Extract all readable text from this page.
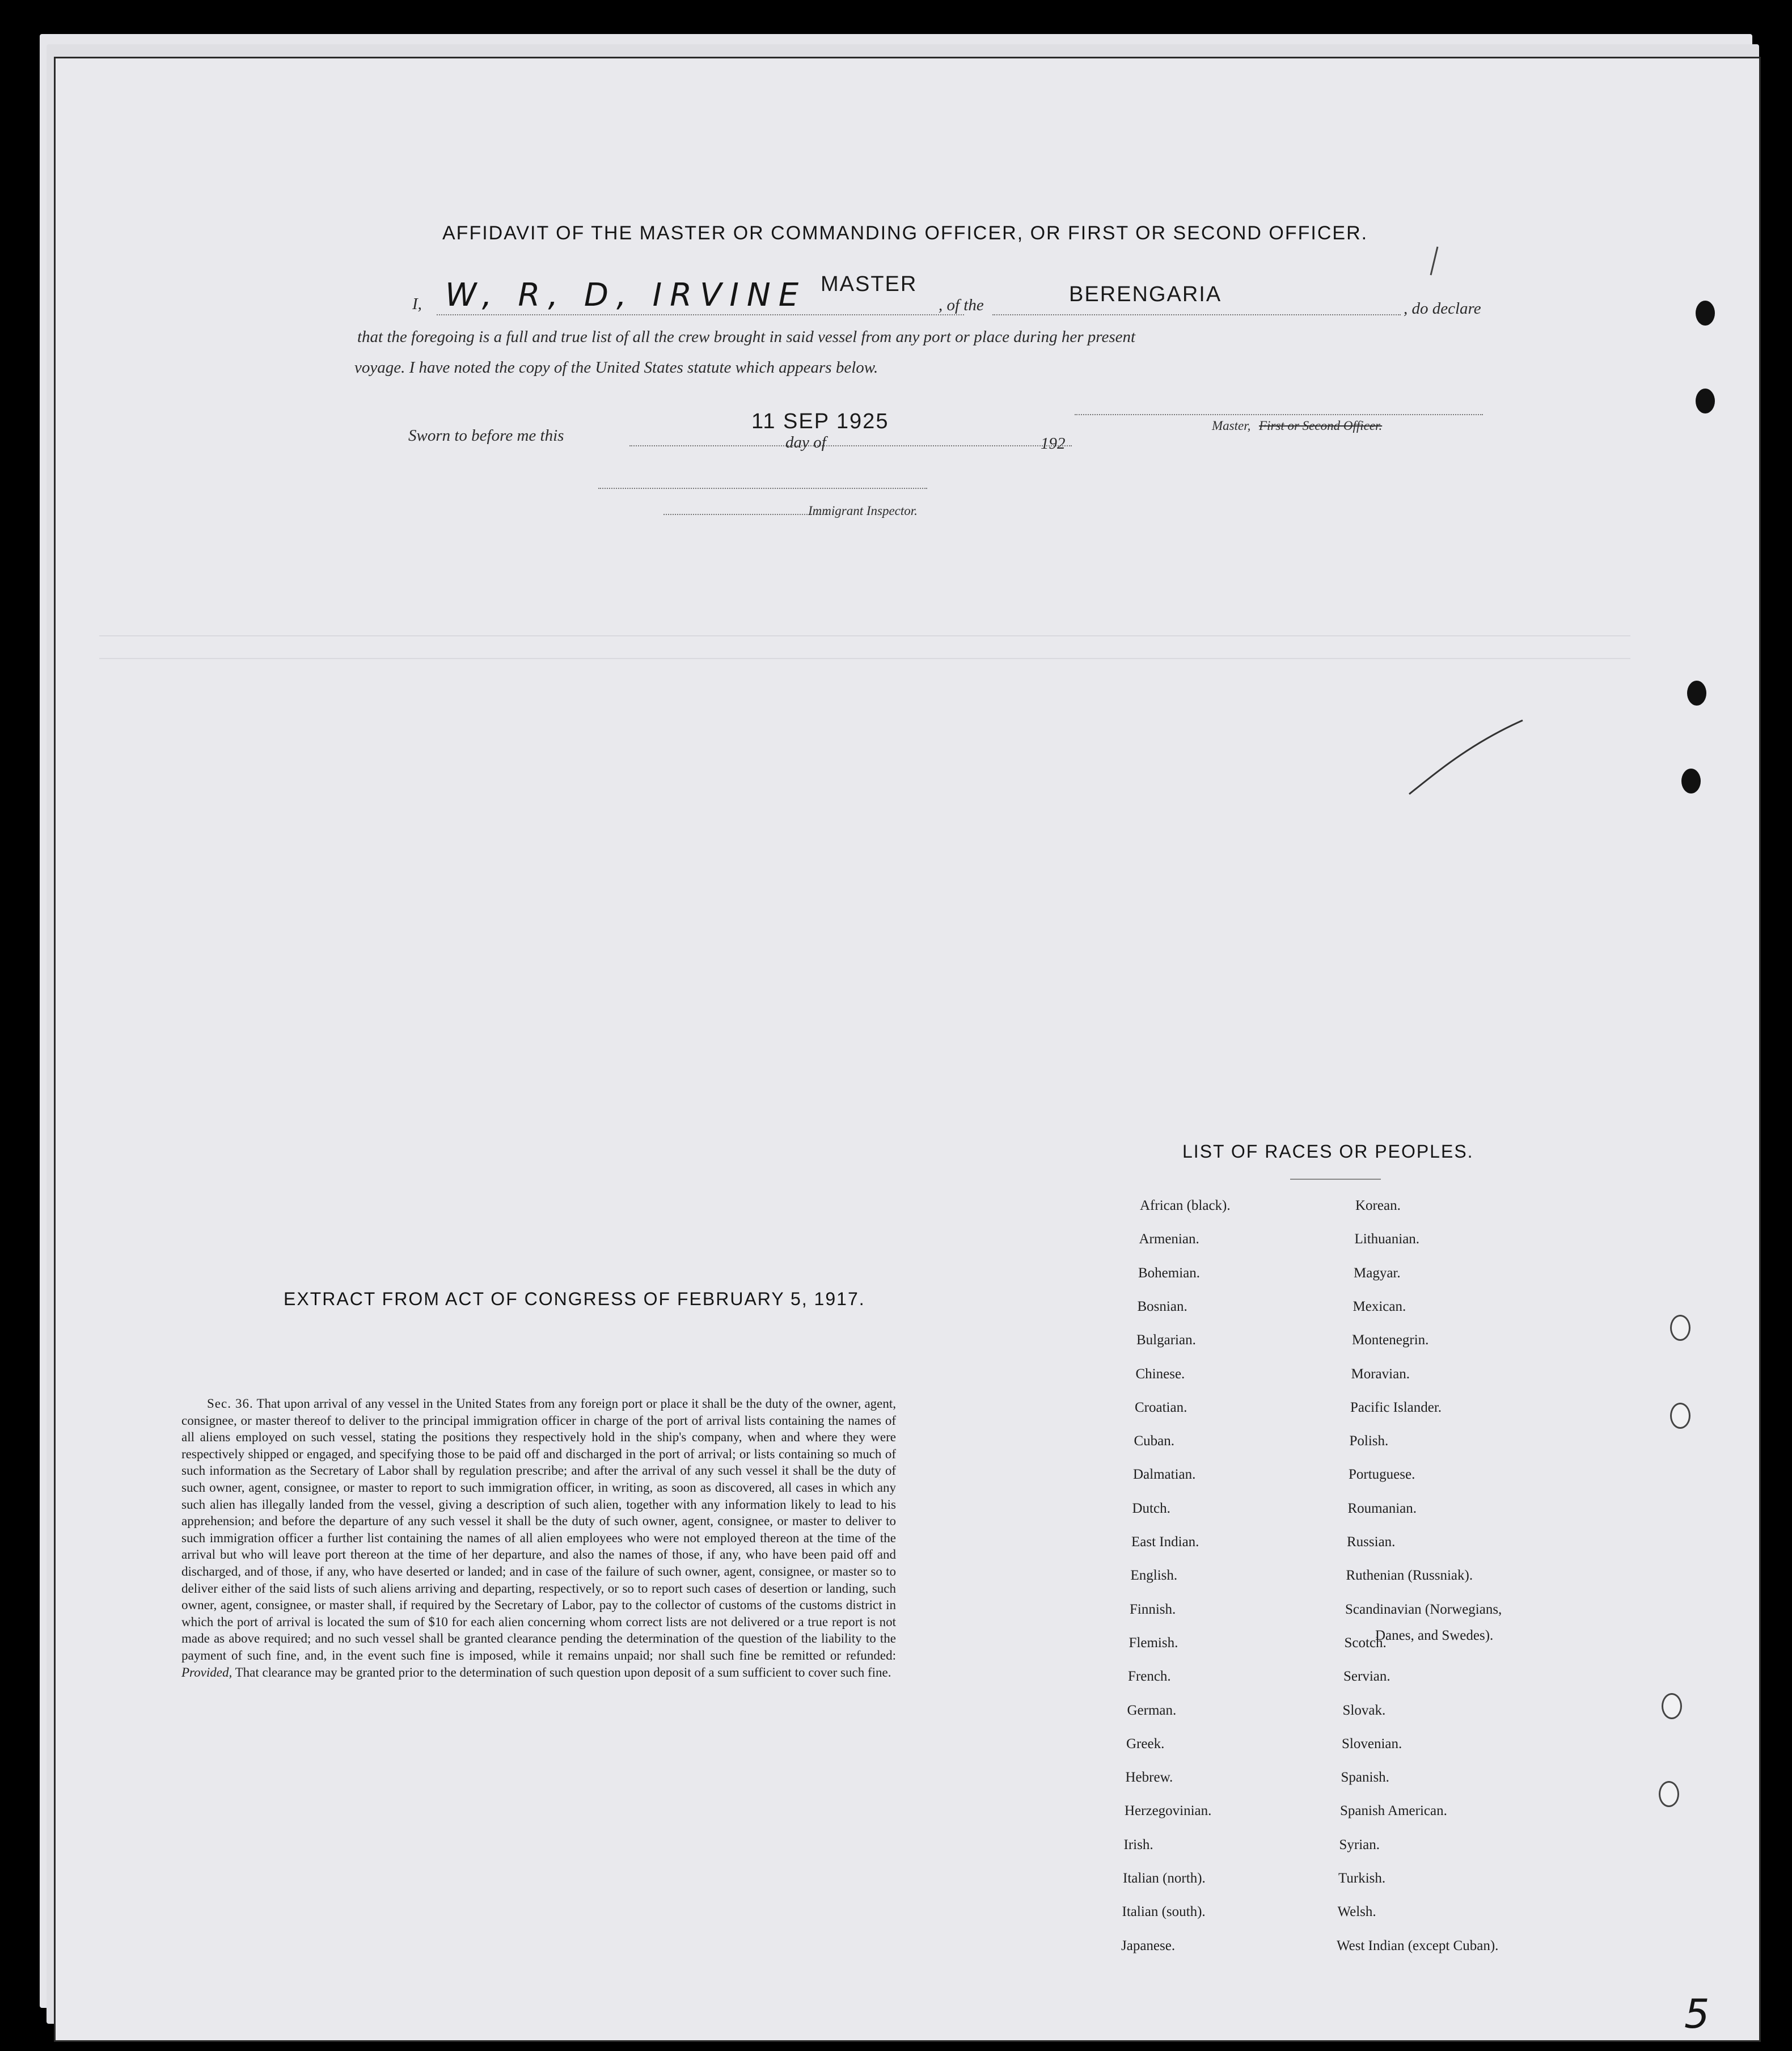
AFFIDAVIT OF THE MASTER OR COMMANDING OFFICER, OR FIRST OR SECOND OFFICER.
I, W, R, D, IRVINE MASTER
, of the	BERENGARIA
, do declare
that the foregoing is a full and true list of all the crew brought in said vessel from any port or place during her present
voyage. I have noted the copy of the United States statute which appears below.
Sworn to before me this
11 SEP 1925
day of	192
Master, First or Second Officer.
Immigrant Inspector.
EXTRACT FROM ACT OF CONGRESS OF FEBRUARY 5, 1917.
Sec. 36. That upon arrival of any vessel in the United States from any foreign port or place it shall be the duty of the owner, agent, consignee, or master thereof to deliver to the principal immigration officer in charge of the port of arrival lists containing the names of all aliens employed on such vessel, stating the positions they respectively hold in the ship's company, when and where they were respectively shipped or engaged, and specifying those to be paid off and discharged in the port of arrival; or lists containing so much of such information as the Secretary of Labor shall by regulation prescribe; and after the arrival of any such vessel it shall be the duty of such owner, agent, consignee, or master to report to such immigration officer, in writing, as soon as discovered, all cases in which any such alien has illegally landed from the vessel, giving a description of such alien, together with any information likely to lead to his apprehension; and before the departure of any such vessel it shall be the duty of such owner, agent, consignee, or master to deliver to such immigration officer a further list containing the names of all alien employees who were not employed thereon at the time of the arrival but who will leave port thereon at the time of her departure, and also the names of those, if any, who have been paid off and discharged, and of those, if any, who have deserted or landed; and in case of the failure of such owner, agent, consignee, or master so to deliver either of the said lists of such aliens arriving and departing, respectively, or so to report such cases of desertion or landing, such owner, agent, consignee, or master shall, if required by the Secretary of Labor, pay to the collector of customs of the customs district in which the port of arrival is located the sum of $10 for each alien concerning whom correct lists are not delivered or a true report is not made as above required; and no such vessel shall be granted clearance pending the determination of the question of the liability to the payment of such fine, and, in the event such fine is imposed, while it remains unpaid; nor shall such fine be remitted or refunded: Provided, That clearance may be granted prior to the determination of such question upon deposit of a sum sufficient to cover such fine.
LIST OF RACES OR PEOPLES.
African (black).
Armenian.
Bohemian.
Bosnian.
Bulgarian.
Chinese.
Croatian.
Cuban.
Dalmatian.
Dutch.
East Indian.
English.
Finnish.
Flemish.
French.
German.
Greek.
Hebrew.
Herzegovinian.
Irish.
Italian (north).
Italian (south).
Japanese.
Korean.
Lithuanian.
Magyar.
Mexican.
Montenegrin.
Moravian.
Pacific Islander.
Polish.
Portuguese.
Roumanian.
Russian.
Ruthenian (Russniak).
Scandinavian (Norwegians,
Scotch.
Servian.
Slovak.
Slovenian.
Spanish.
Spanish American.
Syrian.
Turkish.
Welsh.
West Indian (except Cuban).
Danes, and Swedes).
5
